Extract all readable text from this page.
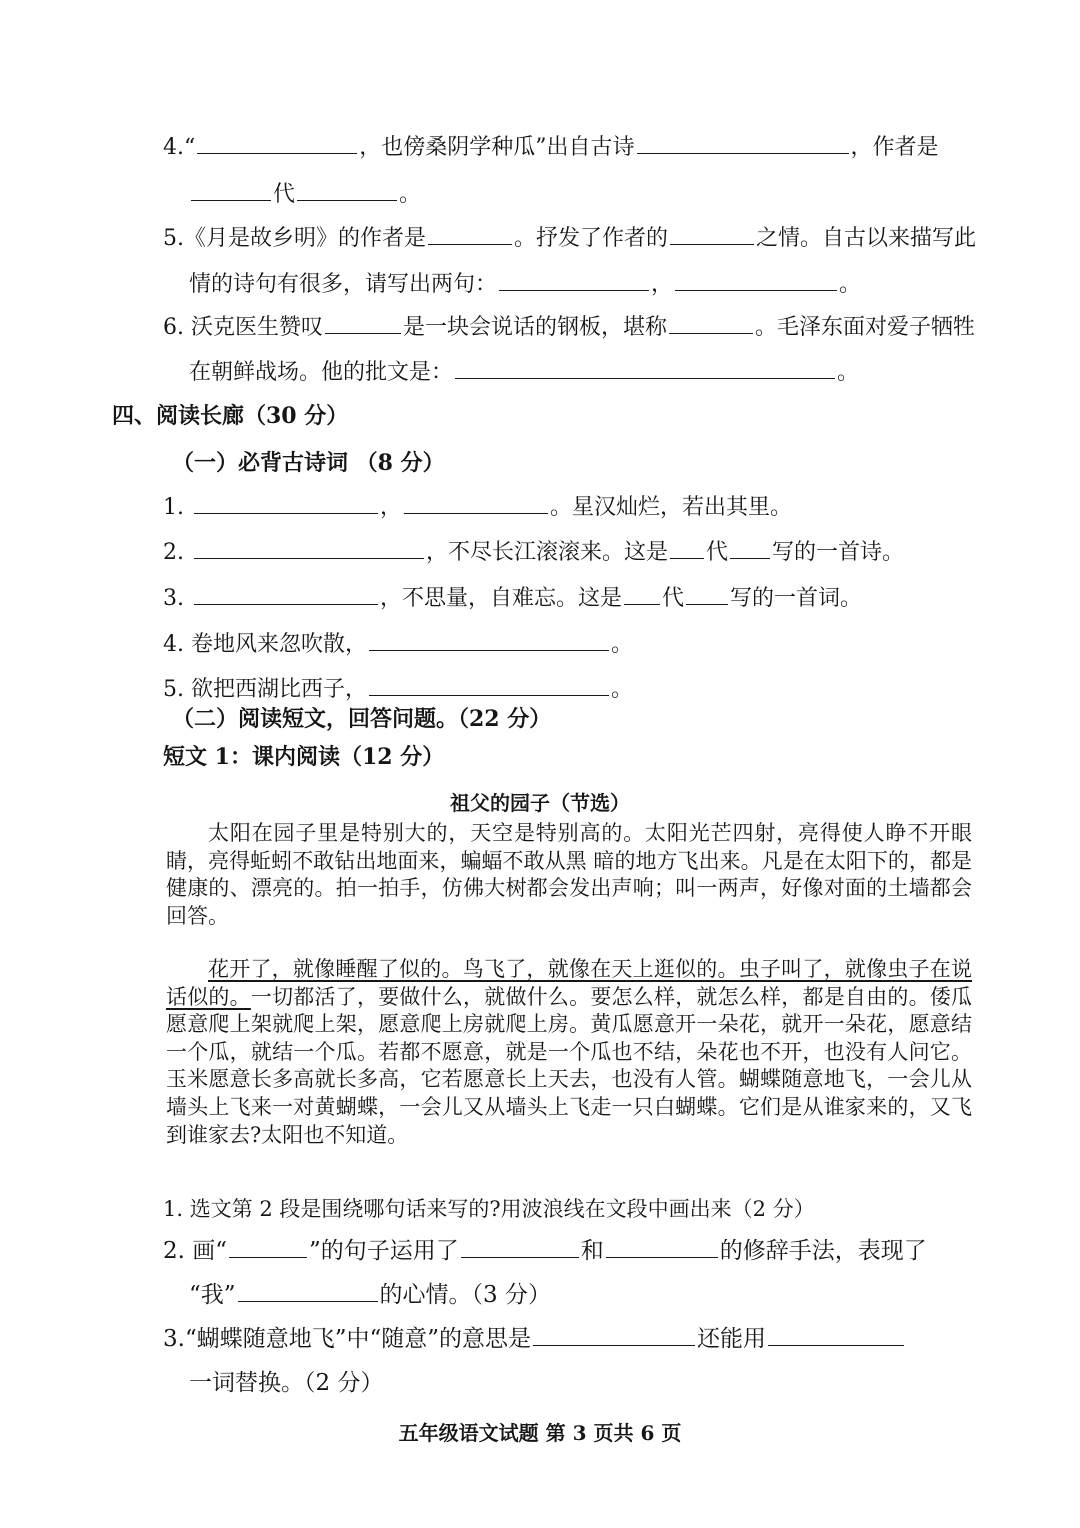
4.“	，也傍桑阴学种瓜”出自古诗	，作者是
代	。
5.《月是故乡明》的作者是	。抒发了作者的	之情。自古以来描写此
情的诗句有很多，请写出两句：	，	。
6. 沃克医生赞叹	是一块会说话的钢板，堪称	。毛泽东面对爱子牺牲
在朝鲜战场。他的批文是：	。
四、阅读长廊（30 分）
（一）必背古诗词 （8 分）
1.	，	。星汉灿烂，若出其里。
2.	，不尽长江滚滚来。这是 代 写的一首诗。
3.	，不思量，自难忘。这是 代 写的一首词。
4. 卷地风来忽吹散，	。
5. 欲把西湖比西子，	。
（二）阅读短文，回答问题。（22 分）
短文 1：课内阅读（12 分）
祖父的园子（节选）
太阳在园子里是特别大的，天空是特别高的。太阳光芒四射，亮得使人睁不开眼睛，亮得蚯蚓不敢钻出地面来，蝙蝠不敢从黑 暗的地方飞出来。凡是在太阳下的，都是健康的、漂亮的。拍一拍手，仿佛大树都会发出声响；叫一两声，好像对面的土墙都会回答。
花开了，就像睡醒了似的。鸟飞了，就像在天上逛似的。虫子叫了，就像虫子在说话似的。一切都活了，要做什么，就做什么。要怎么样，就怎么样，都是自由的。倭瓜愿意爬上架就爬上架，愿意爬上房就爬上房。黄瓜愿意开一朵花，就开一朵花，愿意结一个瓜，就结一个瓜。若都不愿意，就是一个瓜也不结，朵花也不开，也没有人问它。玉米愿意长多高就长多高，它若愿意长上天去，也没有人管。蝴蝶随意地飞，一会儿从墙头上飞来一对黄蝴蝶，一会儿又从墙头上飞走一只白蝴蝶。它们是从谁家来的，又飞到谁家去?太阳也不知道。
1. 选文第 2 段是围绕哪句话来写的?用波浪线在文段中画出来（2 分）
2. 画“	”的句子运用了	和	的修辞手法，表现了
“我”	的心情。（3 分）
3.“蝴蝶随意地飞”中“随意”的意思是	还能用
一词替换。（2 分）
五年级语文试题 第 3 页共 6 页
